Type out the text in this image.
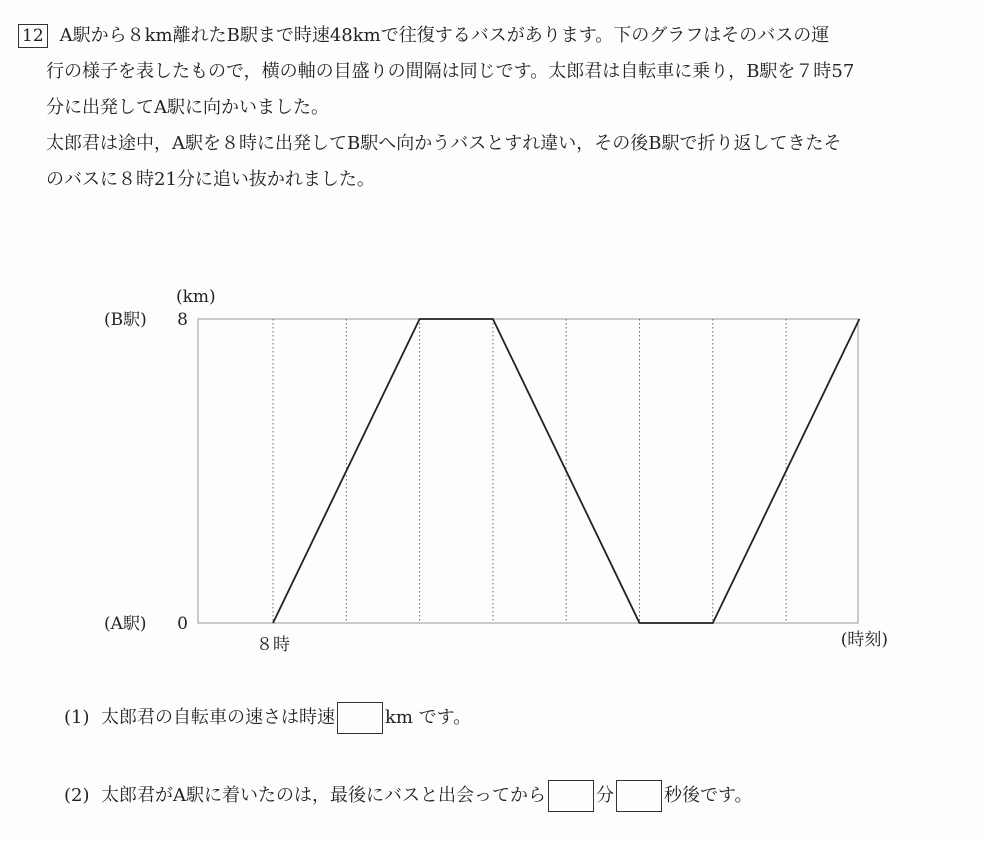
12 A駅から８km離れたB駅まで時速48kmで往復するバスがあります。下のグラフはそのバスの運
行の様子を表したもので，横の軸の目盛りの間隔は同じです。太郎君は自転車に乗り，B駅を７時57
分に出発してA駅に向かいました。
太郎君は途中，A駅を８時に出発してB駅へ向かうバスとすれ違い，その後B駅で折り返してきたそ
のバスに８時21分に追い抜かれました。
8
(B駅)
0
(A駅)
(km)
８時	(時刻)
(1) 太郎君の自転車の速さは時速	km です。
(2) 太郎君がA駅に着いたのは，最後にバスと出会ってから	分	秒後です。
